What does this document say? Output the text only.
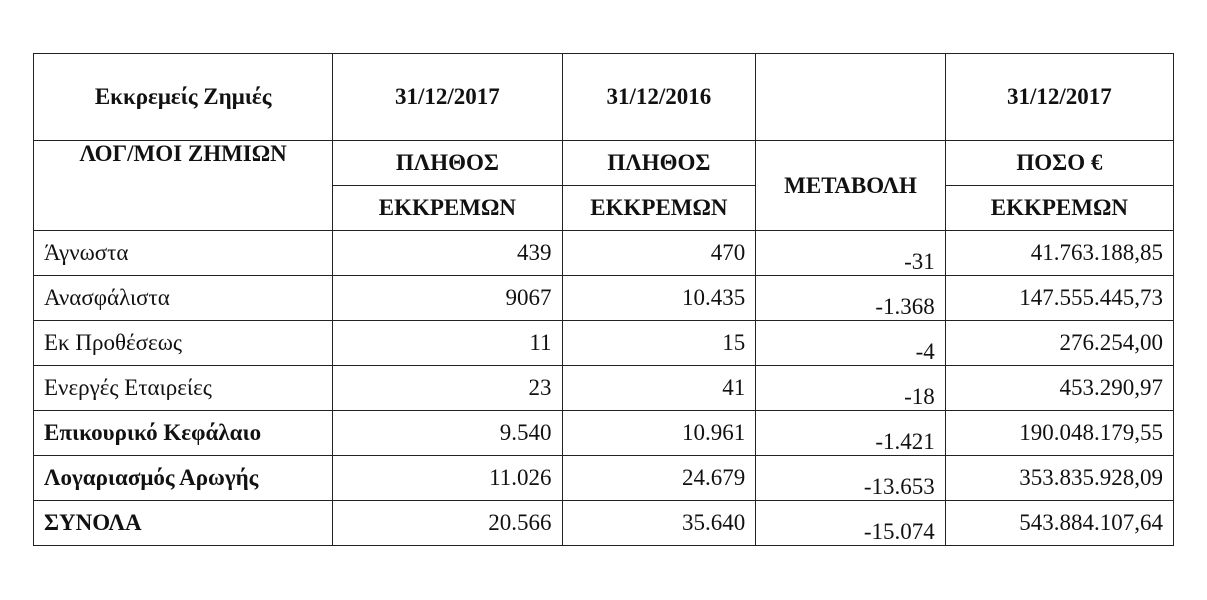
Εκκρεμείς Ζημιές	31/12/2017	31/12/2016		31/12/2017
ΛΟΓ/ΜΟΙ ΖΗΜΙΩΝ	ΠΛΗΘΟΣ	ΠΛΗΘΟΣ	ΜΕΤΑΒΟΛΗ	ΠΟΣΟ €
	ΕΚΚΡΕΜΩΝ	ΕΚΚΡΕΜΩΝ		ΕΚΚΡΕΜΩΝ
Άγνωστα	439	470	-31	41.763.188,85
Ανασφάλιστα	9067	10.435	-1.368	147.555.445,73
Εκ Προθέσεως	11	15	-4	276.254,00
Ενεργές Εταιρείες	23	41	-18	453.290,97
Επικουρικό Κεφάλαιο	9.540	10.961	-1.421	190.048.179,55
Λογαριασμός Αρωγής	11.026	24.679	-13.653	353.835.928,09
ΣΥΝΟΛΑ	20.566	35.640	-15.074	543.884.107,64
